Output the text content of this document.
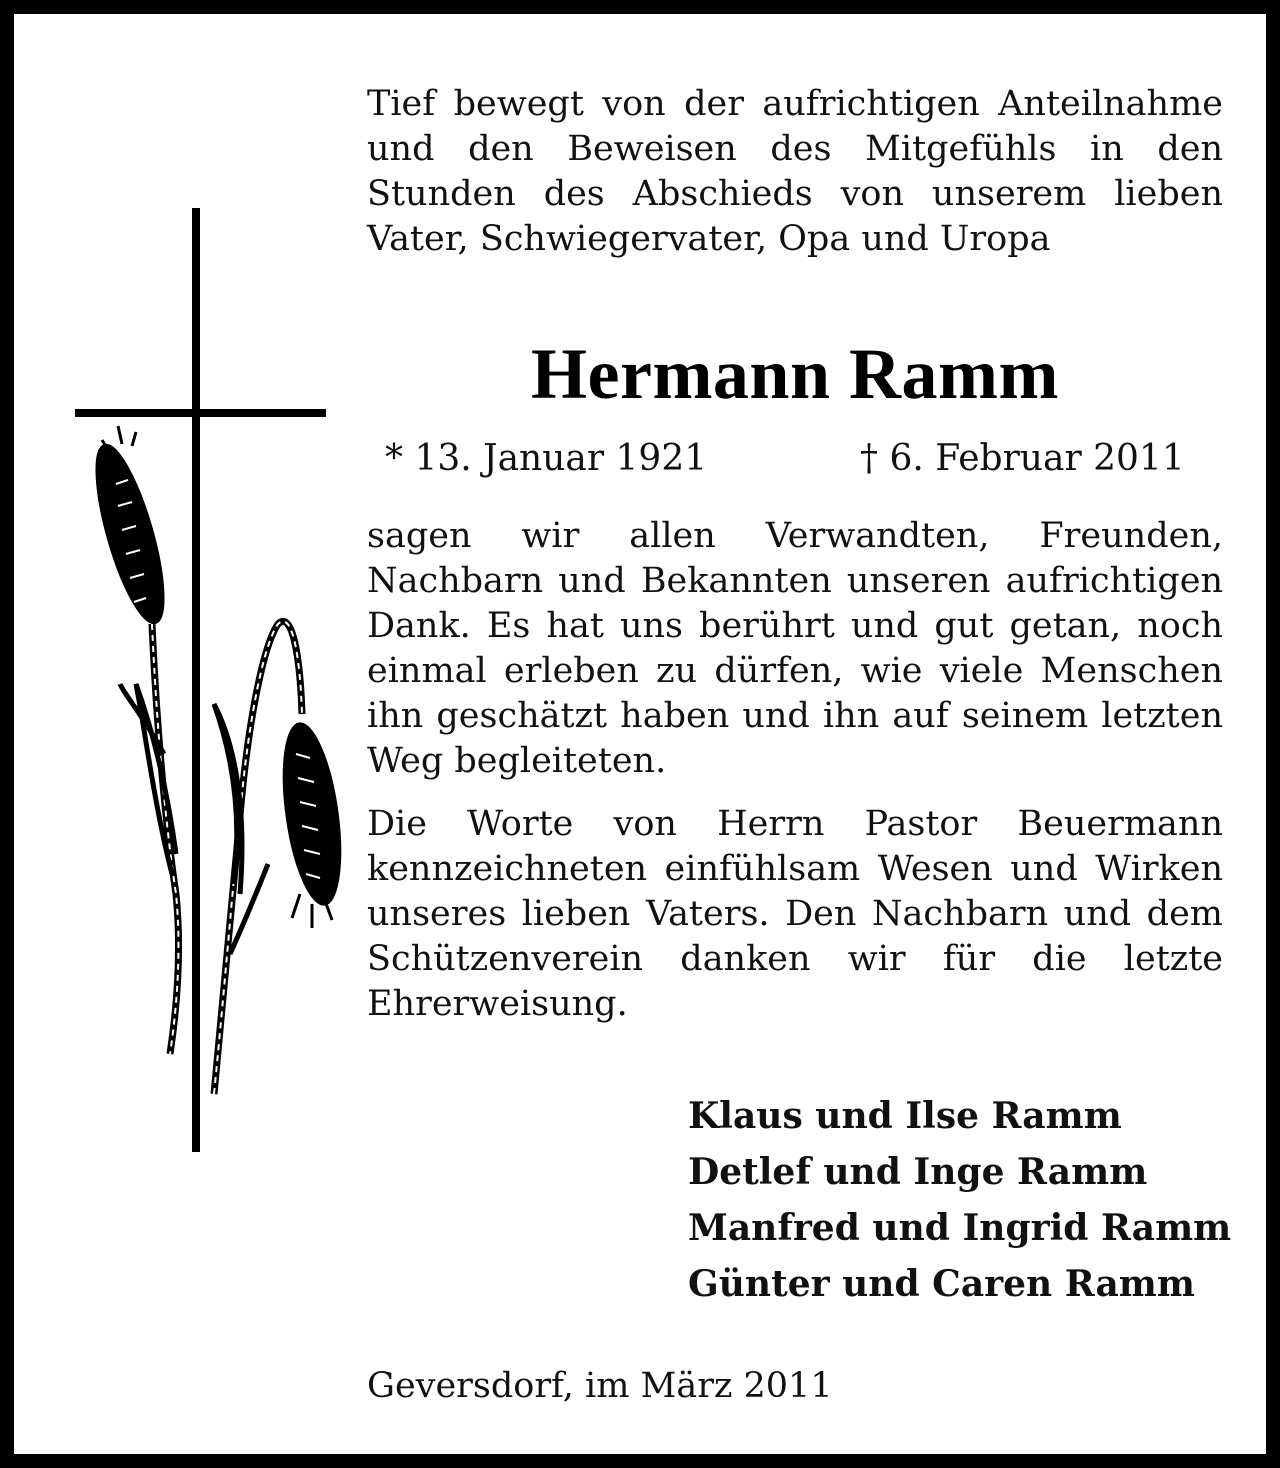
Tief bewegt von der aufrichtigen Anteilnahme und den Beweisen des Mitgefühls in den Stunden des Abschieds von unserem lieben Vater, Schwiegervater, Opa und Uropa

Hermann Ramm
* 13. Januar 1921	† 6. Februar 2011

sagen wir allen Verwandten, Freunden, Nachbarn und Bekannten unseren aufrichtigen Dank. Es hat uns berührt und gut getan, noch einmal erleben zu dürfen, wie viele Menschen ihn geschätzt haben und ihn auf seinem letzten Weg begleiteten.

Die Worte von Herrn Pastor Beuermann kennzeichneten einfühlsam Wesen und Wirken unseres lieben Vaters. Den Nachbarn und dem Schützenverein danken wir für die letzte Ehrerweisung.

Klaus und Ilse Ramm
Detlef und Inge Ramm
Manfred und Ingrid Ramm
Günter und Caren Ramm
Geversdorf, im März 2011
